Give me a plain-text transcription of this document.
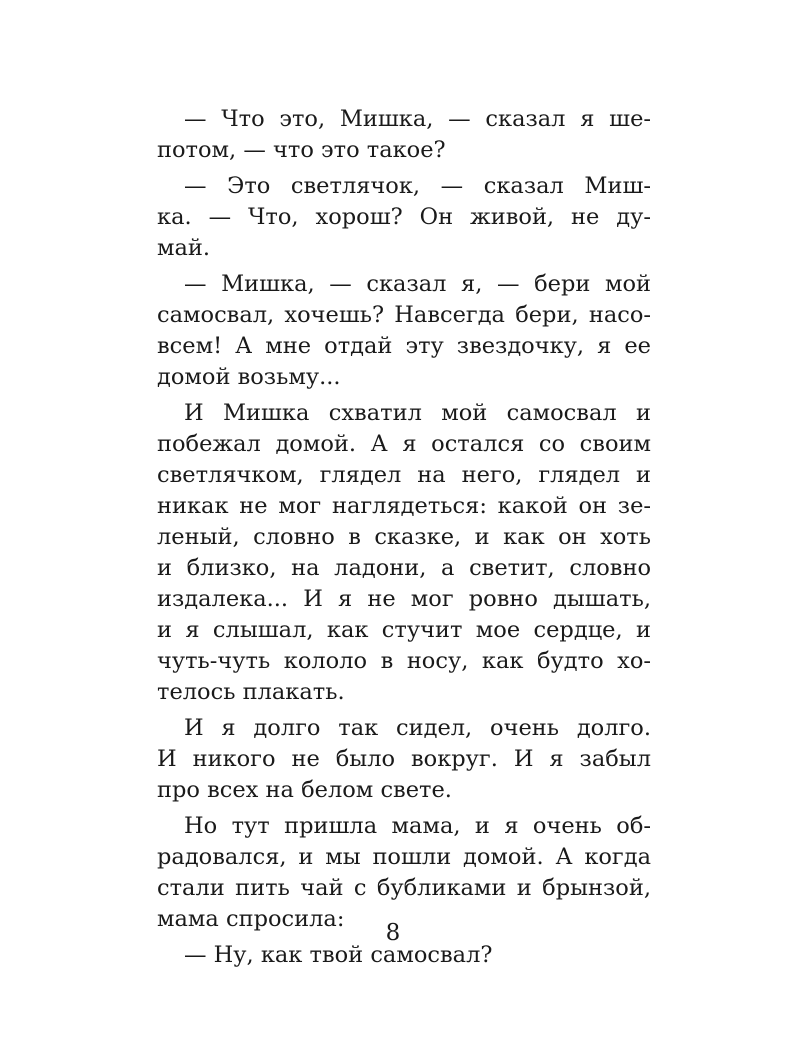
— Что это, Мишка, — сказал я ше-
потом, — что это такое?
— Это светлячок, — сказал Миш-
ка. — Что, хорош? Он живой, не ду-
май.
— Мишка, — сказал я, — бери мой
самосвал, хочешь? Навсегда бери, насо-
всем! А мне отдай эту звездочку, я ее
домой возьму...
И Мишка схватил мой самосвал и
побежал домой. А я остался со своим
светлячком, глядел на него, глядел и
никак не мог наглядеться: какой он зе-
леный, словно в сказке, и как он хоть
и близко, на ладони, а светит, словно
издалека... И я не мог ровно дышать,
и я слышал, как стучит мое сердце, и
чуть-чуть кололо в носу, как будто хо-
телось плакать.
И я долго так сидел, очень долго.
И никого не было вокруг. И я забыл
про всех на белом свете.
Но тут пришла мама, и я очень об-
радовался, и мы пошли домой. А когда
стали пить чай с бубликами и брынзой,
мама спросила:
— Ну, как твой самосвал?
8
